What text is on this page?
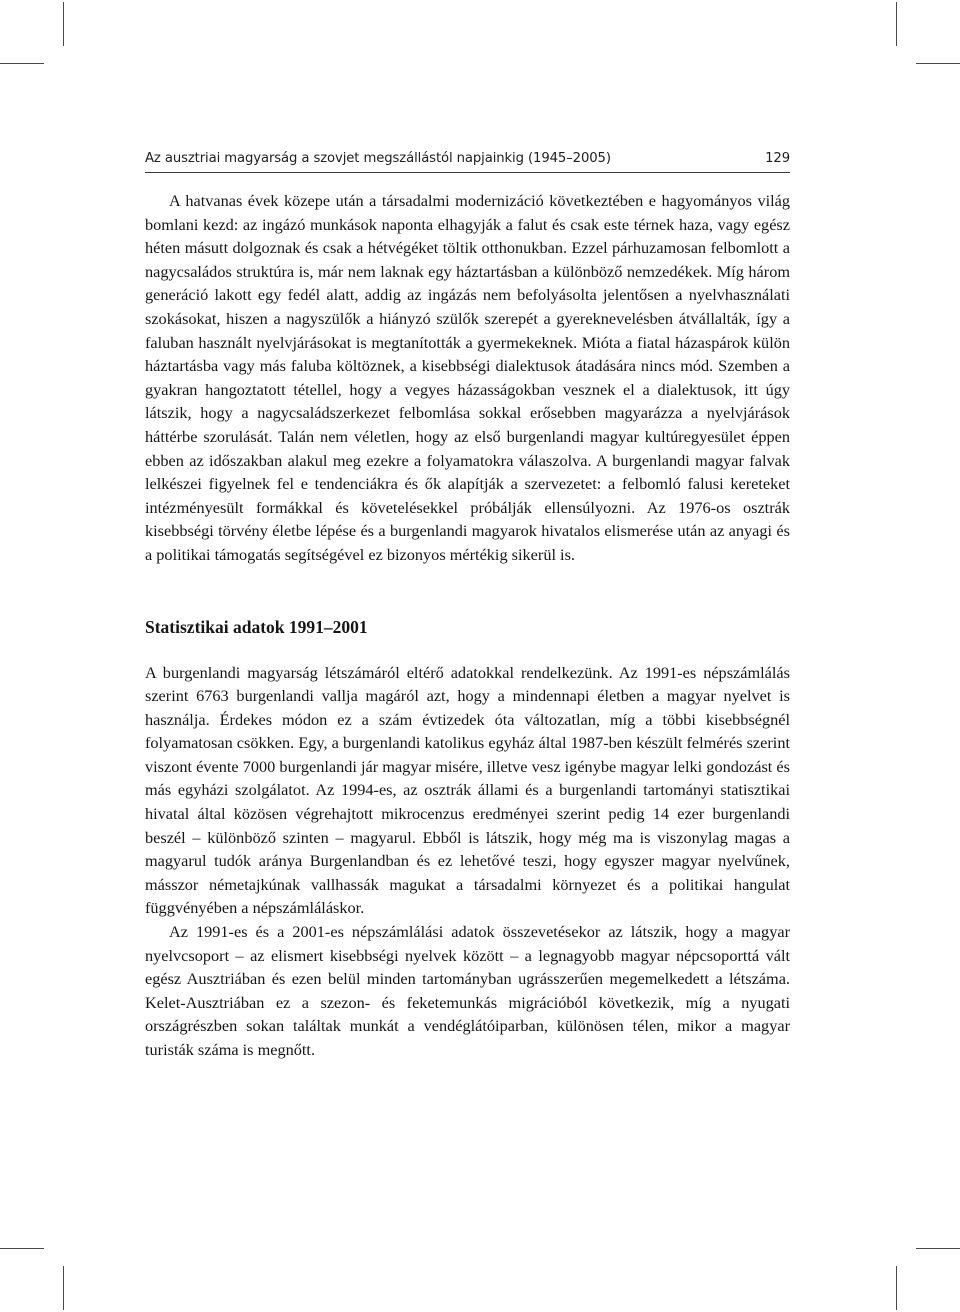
Az ausztriai magyarság a szovjet megszállástól napjainkig (1945–2005)	129

A hatvanas évek közepe után a társadalmi modernizáció következtében e hagyományos világ bomlani kezd: az ingázó munkások naponta elhagyják a falut és csak este térnek haza, vagy egész héten másutt dolgoznak és csak a hétvégéket töltik otthonukban. Ezzel párhuzamosan felbomlott a nagycsaládos struktúra is, már nem laknak egy háztartásban a különböző nemzedékek. Míg három generáció lakott egy fedél alatt, addig az ingázás nem befolyásolta jelentősen a nyelvhasználati szokásokat, hiszen a nagyszülők a hiányzó szülők szerepét a gyereknevelésben átvállalták, így a faluban használt nyelvjárásokat is megtanították a gyermekeknek. Mióta a fiatal házaspárok külön háztartásba vagy más faluba költöznek, a kisebbségi dialektusok átadására nincs mód. Szemben a gyakran hangoztatott tétellel, hogy a vegyes házasságokban vesznek el a dialektusok, itt úgy látszik, hogy a nagycsaládszerkezet felbomlása sokkal erősebben magyarázza a nyelvjárások háttérbe szorulását. Talán nem véletlen, hogy az első burgenlandi magyar kultúregyesület éppen ebben az időszakban alakul meg ezekre a folyamatokra válaszolva. A burgenlandi magyar falvak lelkészei figyelnek fel e tendenciákra és ők alapítják a szervezetet: a felbomló falusi kereteket intézményesült formákkal és követelésekkel próbálják ellensúlyozni. Az 1976-os osztrák kisebbségi törvény életbe lépése és a burgenlandi magyarok hivatalos elismerése után az anyagi és a politikai támogatás segítségével ez bizonyos mértékig sikerül is.

Statisztikai adatok 1991–2001

A burgenlandi magyarság létszámáról eltérő adatokkal rendelkezünk. Az 1991-es népszámlálás szerint 6763 burgenlandi vallja magáról azt, hogy a mindennapi életben a magyar nyelvet is használja. Érdekes módon ez a szám évtizedek óta változatlan, míg a többi kisebbségnél folyamatosan csökken. Egy, a burgenlandi katolikus egyház által 1987-ben készült felmérés szerint viszont évente 7000 burgenlandi jár magyar misére, illetve vesz igénybe magyar lelki gondozást és más egyházi szolgálatot. Az 1994-es, az osztrák állami és a burgenlandi tartományi statisztikai hivatal által közösen végrehajtott mikrocenzus eredményei szerint pedig 14 ezer burgenlandi beszél – különböző szinten – magyarul. Ebből is látszik, hogy még ma is viszonylag magas a magyarul tudók aránya Burgenlandban és ez lehetővé teszi, hogy egyszer magyar nyelvűnek, másszor németajkúnak vallhassák magukat a társadalmi környezet és a politikai hangulat függvényében a népszámláláskor.

Az 1991-es és a 2001-es népszámlálási adatok összevetésekor az látszik, hogy a magyar nyelvcsoport – az elismert kisebbségi nyelvek között – a legnagyobb magyar népcsoporttá vált egész Ausztriában és ezen belül minden tartományban ugrásszerűen megemelkedett a létszáma. Kelet-Ausztriában ez a szezon- és feketemunkás migrációból következik, míg a nyugati országrészben sokan találtak munkát a vendéglátóiparban, különösen télen, mikor a magyar turisták száma is megnőtt.
